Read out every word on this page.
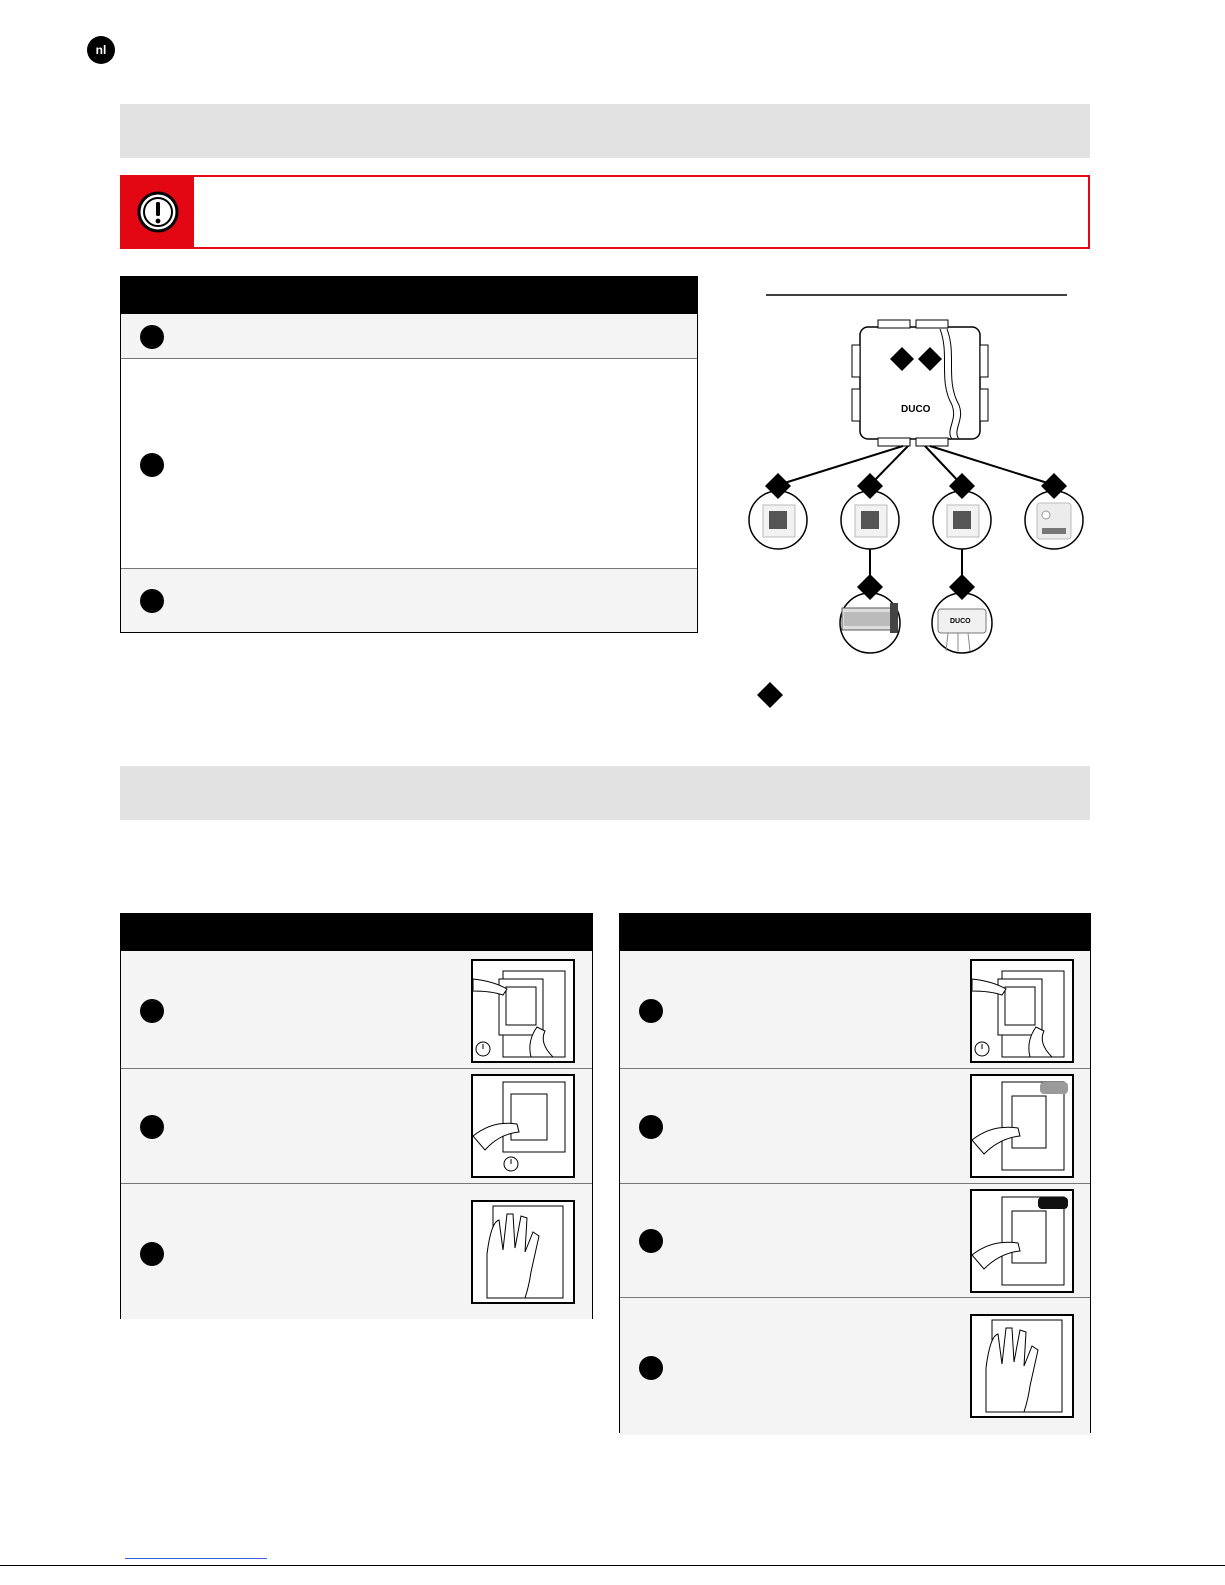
nl
DUCO
DUCO
